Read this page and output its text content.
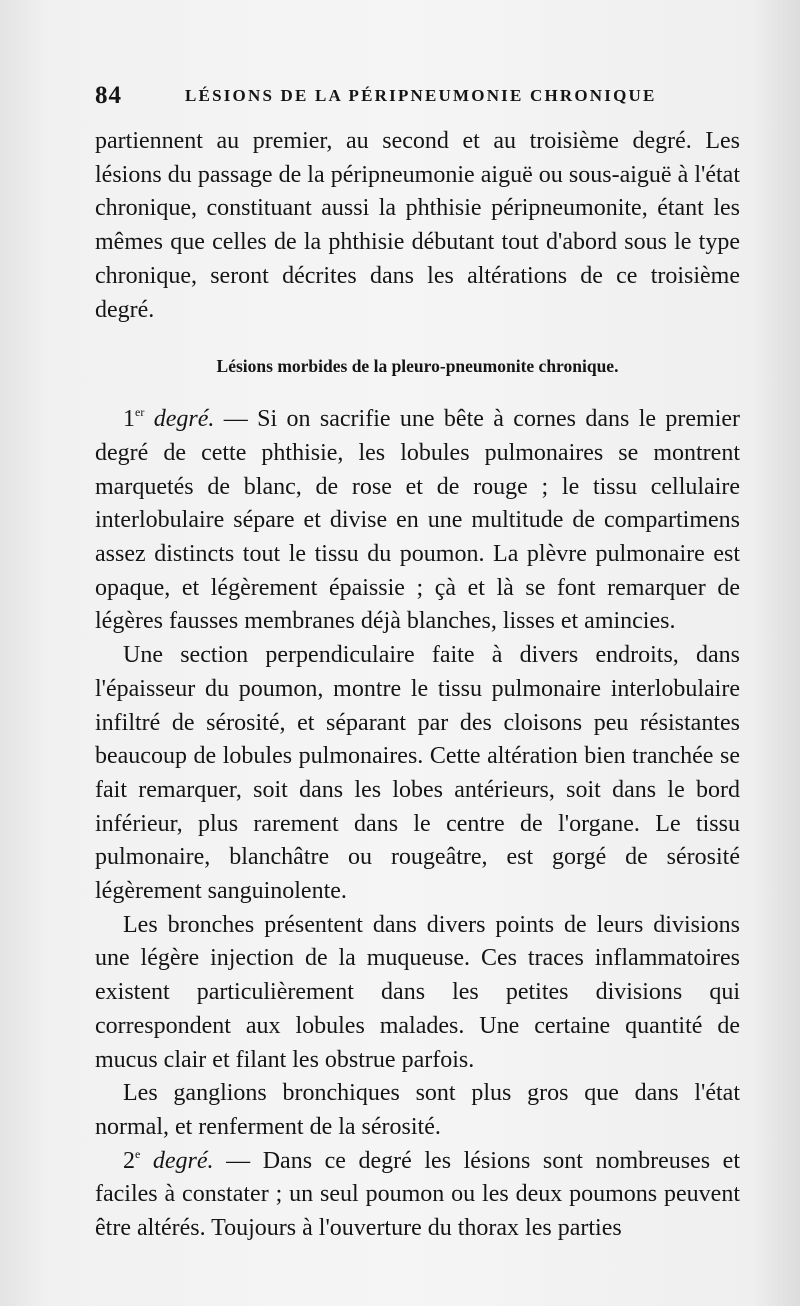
84	LÉSIONS DE LA PÉRIPNEUMONIE CHRONIQUE

partiennent au premier, au second et au troisième degré. Les lésions du passage de la péripneumonie aiguë ou sous-aiguë à l'état chronique, constituant aussi la phthisie péripneumonite, étant les mêmes que celles de la phthisie débutant tout d'abord sous le type chronique, seront décrites dans les altérations de ce troisième degré.

Lésions morbides de la pleuro-pneumonite chronique.

1er degré. — Si on sacrifie une bête à cornes dans le premier degré de cette phthisie, les lobules pulmonaires se montrent marquetés de blanc, de rose et de rouge ; le tissu cellulaire interlobulaire sépare et divise en une multitude de compartimens assez distincts tout le tissu du poumon. La plèvre pulmonaire est opaque, et légèrement épaissie ; çà et là se font remarquer de légères fausses membranes déjà blanches, lisses et amincies.

Une section perpendiculaire faite à divers endroits, dans l'épaisseur du poumon, montre le tissu pulmonaire interlobulaire infiltré de sérosité, et séparant par des cloisons peu résistantes beaucoup de lobules pulmonaires. Cette altération bien tranchée se fait remarquer, soit dans les lobes antérieurs, soit dans le bord inférieur, plus rarement dans le centre de l'organe. Le tissu pulmonaire, blanchâtre ou rougeâtre, est gorgé de sérosité légèrement sanguinolente.

Les bronches présentent dans divers points de leurs divisions une légère injection de la muqueuse. Ces traces inflammatoires existent particulièrement dans les petites divisions qui correspondent aux lobules malades. Une certaine quantité de mucus clair et filant les obstrue parfois.

Les ganglions bronchiques sont plus gros que dans l'état normal, et renferment de la sérosité.

2e degré. — Dans ce degré les lésions sont nombreuses et faciles à constater ; un seul poumon ou les deux poumons peuvent être altérés. Toujours à l'ouverture du thorax les parties
